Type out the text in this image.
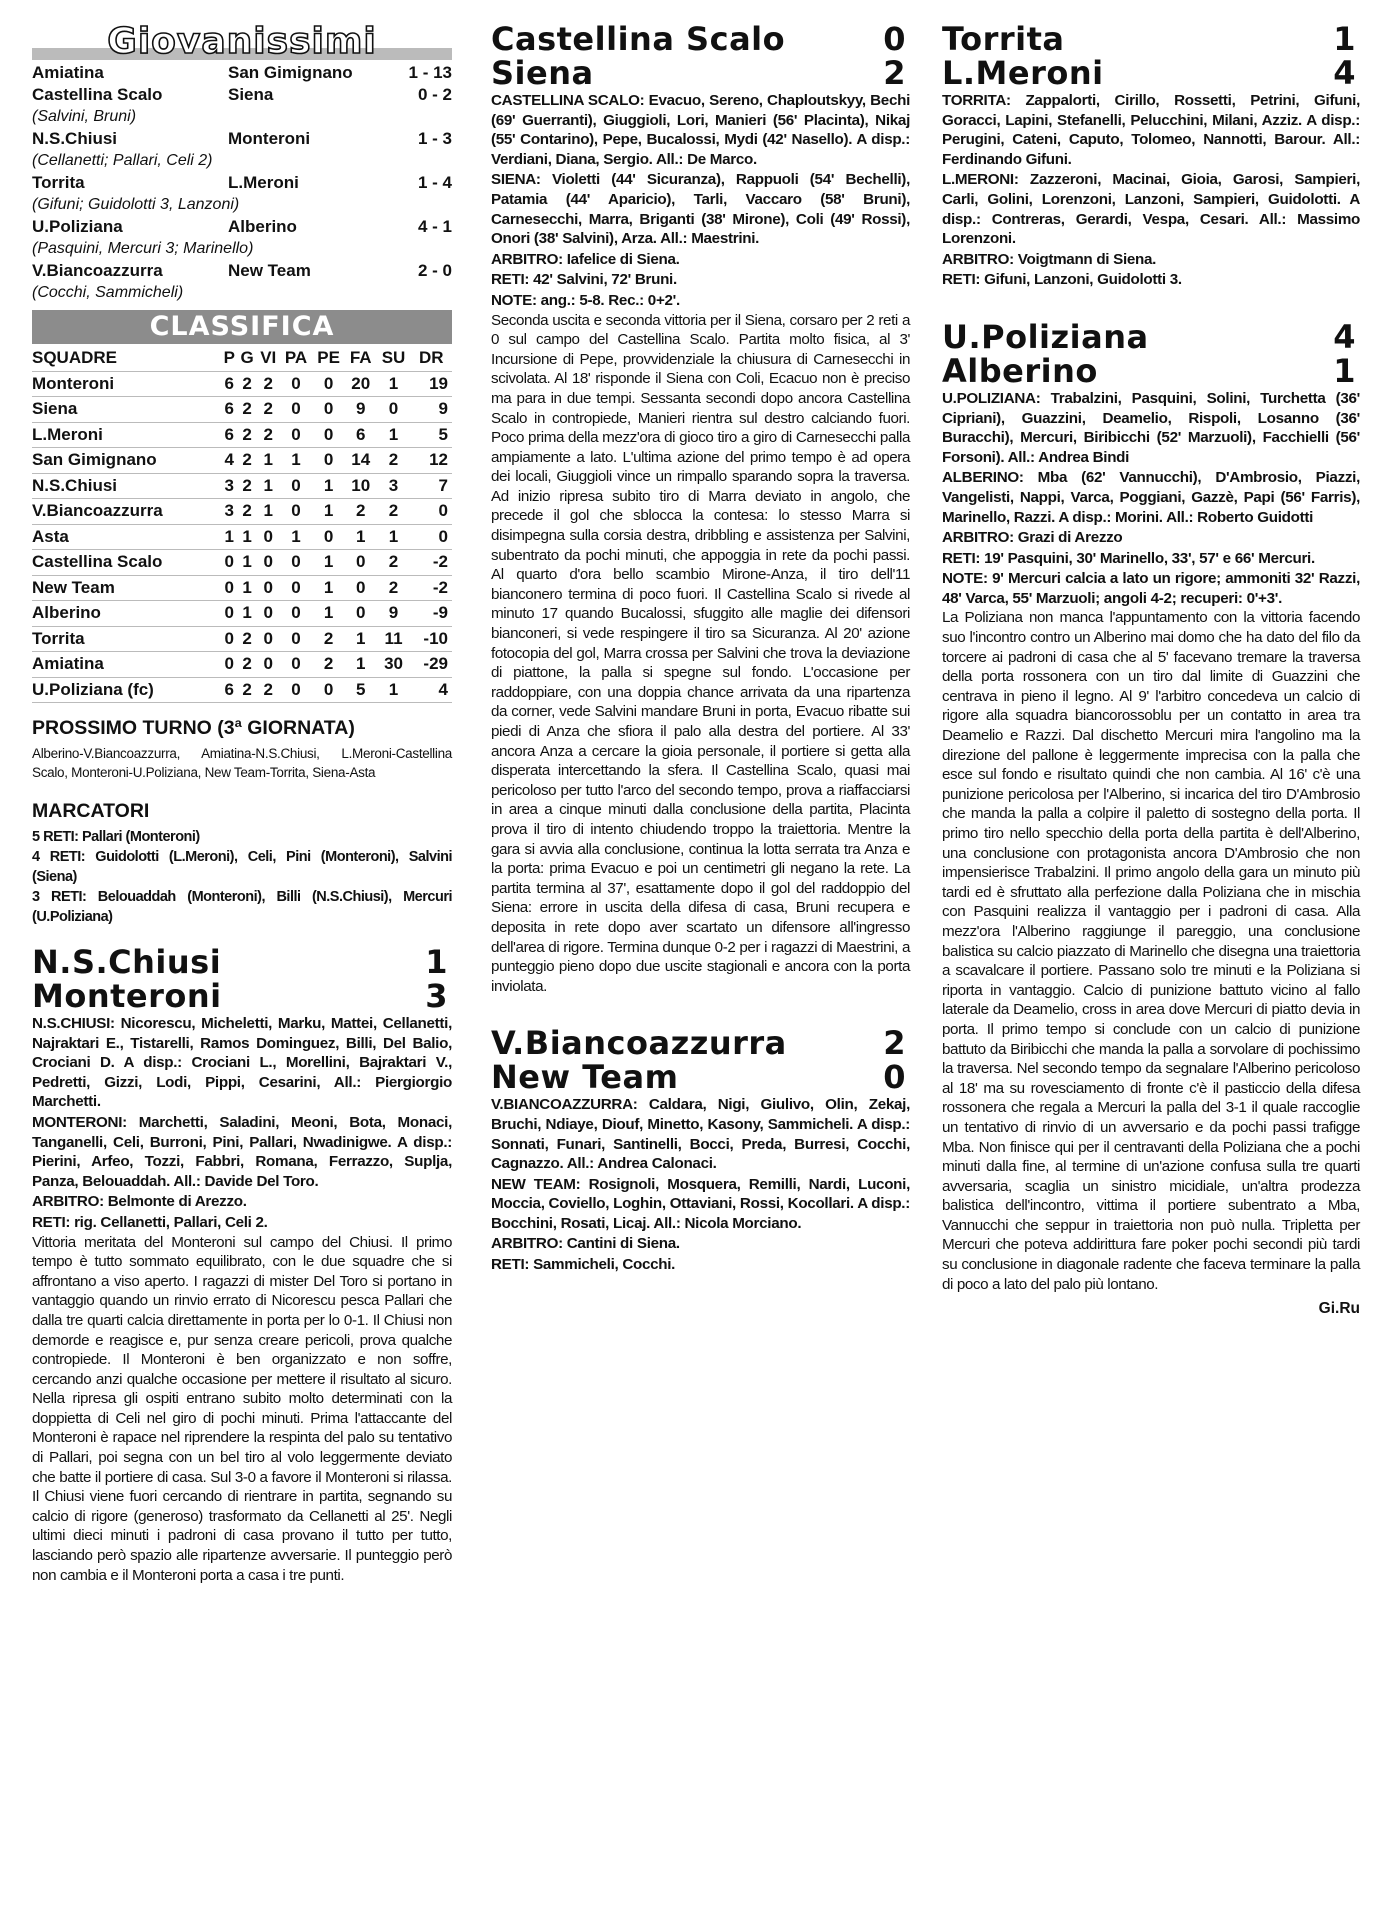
Giovanissimi
Amiatina	San Gimignano	1 - 13
Castellina Scalo	Siena	0 - 2
(Salvini, Bruni)
N.S.Chiusi	Monteroni	1 - 3
(Cellanetti; Pallari, Celi 2)
Torrita	L.Meroni	1 - 4
(Gifuni; Guidolotti 3, Lanzoni)
U.Poliziana	Alberino	4 - 1
(Pasquini, Mercuri 3; Marinello)
V.Biancoazzurra	New Team	2 - 0
(Cocchi, Sammicheli)
CLASSIFICA
SQUADRE	P	G	VI	PA	PE	FA	SU	DR
Monteroni	6	2	2	0	0	20	1	19
Siena	6	2	2	0	0	9	0	9
L.Meroni	6	2	2	0	0	6	1	5
San Gimignano	4	2	1	1	0	14	2	12
N.S.Chiusi	3	2	1	0	1	10	3	7
V.Biancoazzurra	3	2	1	0	1	2	2	0
Asta	1	1	0	1	0	1	1	0
Castellina Scalo	0	1	0	0	1	0	2	-2
New Team	0	1	0	0	1	0	2	-2
Alberino	0	1	0	0	1	0	9	-9
Torrita	0	2	0	0	2	1	11	-10
Amiatina	0	2	0	0	2	1	30	-29
U.Poliziana (fc)	6	2	2	0	0	5	1	4
PROSSIMO TURNO (3ª GIORNATA)
Alberino-V.Biancoazzurra, Amiatina-N.S.Chiusi, L.Meroni-Castellina Scalo, Monteroni-U.Poliziana, New Team-Torrita, Siena-Asta
MARCATORI
5 RETI: Pallari (Monteroni)
4 RETI: Guidolotti (L.Meroni), Celi, Pini (Monteroni), Salvini (Siena)
3 RETI: Belouaddah (Monteroni), Billi (N.S.Chiusi), Mercuri (U.Poliziana)
N.S.Chiusi	1
Monteroni	3

N.S.CHIUSI: Nicorescu, Micheletti, Marku, Mattei, Cellanetti, Najraktari E., Tistarelli, Ramos Dominguez, Billi, Del Balio, Crociani D. A disp.: Crociani L., Morellini, Bajraktari V., Pedretti, Gizzi, Lodi, Pippi, Cesarini, All.: Piergiorgio Marchetti.

MONTERONI: Marchetti, Saladini, Meoni, Bota, Monaci, Tanganelli, Celi, Burroni, Pini, Pallari, Nwadinigwe. A disp.: Pierini, Arfeo, Tozzi, Fabbri, Romana, Ferrazzo, Suplja, Panza, Belouaddah. All.: Davide Del Toro.

ARBITRO: Belmonte di Arezzo.

RETI: rig. Cellanetti, Pallari, Celi 2.

Vittoria meritata del Monteroni sul campo del Chiusi. Il primo tempo è tutto sommato equilibrato, con le due squadre che si affrontano a viso aperto. I ragazzi di mister Del Toro si portano in vantaggio quando un rinvio errato di Nicorescu pesca Pallari che dalla tre quarti calcia direttamente in porta per lo 0-1. Il Chiusi non demorde e reagisce e, pur senza creare pericoli, prova qualche contropiede. Il Monteroni è ben organizzato e non soffre, cercando anzi qualche occasione per mettere il risultato al sicuro. Nella ripresa gli ospiti entrano subito molto determinati con la doppietta di Celi nel giro di pochi minuti. Prima l'attaccante del Monteroni è rapace nel riprendere la respinta del palo su tentativo di Pallari, poi segna con un bel tiro al volo leggermente deviato che batte il portiere di casa. Sul 3-0 a favore il Monteroni si rilassa. Il Chiusi viene fuori cercando di rientrare in partita, segnando su calcio di rigore (generoso) trasformato da Cellanetti al 25'. Negli ultimi dieci minuti i padroni di casa provano il tutto per tutto, lasciando però spazio alle ripartenze avversarie. Il punteggio però non cambia e il Monteroni porta a casa i tre punti.

Castellina Scalo	0
Siena	2

CASTELLINA SCALO: Evacuo, Sereno, Chaploutskyy, Bechi (69' Guerranti), Giuggioli, Lori, Manieri (56' Placinta), Nikaj (55' Contarino), Pepe, Bucalossi, Mydi (42' Nasello). A disp.: Verdiani, Diana, Sergio. All.: De Marco.

SIENA: Violetti (44' Sicuranza), Rappuoli (54' Bechelli), Patamia (44' Aparicio), Tarli, Vaccaro (58' Bruni), Carnesecchi, Marra, Briganti (38' Mirone), Coli (49' Rossi), Onori (38' Salvini), Arza. All.: Maestrini.

ARBITRO: Iafelice di Siena.

RETI: 42' Salvini, 72' Bruni.

NOTE: ang.: 5-8. Rec.: 0+2'.

Seconda uscita e seconda vittoria per il Siena, corsaro per 2 reti a 0 sul campo del Castellina Scalo. Partita molto fisica, al 3' Incursione di Pepe, provvidenziale la chiusura di Carnesecchi in scivolata. Al 18' risponde il Siena con Coli, Ecacuo non è preciso ma para in due tempi. Sessanta secondi dopo ancora Castellina Scalo in contropiede, Manieri rientra sul destro calciando fuori. Poco prima della mezz'ora di gioco tiro a giro di Carnesecchi palla ampiamente a lato. L'ultima azione del primo tempo è ad opera dei locali, Giuggioli vince un rimpallo sparando sopra la traversa. Ad inizio ripresa subito tiro di Marra deviato in angolo, che precede il gol che sblocca la contesa: lo stesso Marra si disimpegna sulla corsia destra, dribbling e assistenza per Salvini, subentrato da pochi minuti, che appoggia in rete da pochi passi. Al quarto d'ora bello scambio Mirone-Anza, il tiro dell'11 bianconero termina di poco fuori. Il Castellina Scalo si rivede al minuto 17 quando Bucalossi, sfuggito alle maglie dei difensori bianconeri, si vede respingere il tiro sa Sicuranza. Al 20' azione fotocopia del gol, Marra crossa per Salvini che trova la deviazione di piattone, la palla si spegne sul fondo. L'occasione per raddoppiare, con una doppia chance arrivata da una ripartenza da corner, vede Salvini mandare Bruni in porta, Evacuo ribatte sui piedi di Anza che sfiora il palo alla destra del portiere. Al 33' ancora Anza a cercare la gioia personale, il portiere si getta alla disperata intercettando la sfera. Il Castellina Scalo, quasi mai pericoloso per tutto l'arco del secondo tempo, prova a riaffacciarsi in area a cinque minuti dalla conclusione della partita, Placinta prova il tiro di intento chiudendo troppo la traiettoria. Mentre la gara si avvia alla conclusione, continua la lotta serrata tra Anza e la porta: prima Evacuo e poi un centimetri gli negano la rete. La partita termina al 37', esattamente dopo il gol del raddoppio del Siena: errore in uscita della difesa di casa, Bruni recupera e deposita in rete dopo aver scartato un difensore all'ingresso dell'area di rigore. Termina dunque 0-2 per i ragazzi di Maestrini, a punteggio pieno dopo due uscite stagionali e ancora con la porta inviolata.

V.Biancoazzurra	2
New Team	0

V.BIANCOAZZURRA: Caldara, Nigi, Giulivo, Olin, Zekaj, Bruchi, Ndiaye, Diouf, Minetto, Kasony, Sammicheli. A disp.: Sonnati, Funari, Santinelli, Bocci, Preda, Burresi, Cocchi, Cagnazzo. All.: Andrea Calonaci.

NEW TEAM: Rosignoli, Mosquera, Remilli, Nardi, Luconi, Moccia, Coviello, Loghin, Ottaviani, Rossi, Kocollari. A disp.: Bocchini, Rosati, Licaj. All.: Nicola Morciano.

ARBITRO: Cantini di Siena.

RETI: Sammicheli, Cocchi.

Torrita	1
L.Meroni	4

TORRITA: Zappalorti, Cirillo, Rossetti, Petrini, Gifuni, Goracci, Lapini, Stefanelli, Pelucchini, Milani, Azziz. A disp.: Perugini, Cateni, Caputo, Tolomeo, Nannotti, Barour. All.: Ferdinando Gifuni.

L.MERONI: Zazzeroni, Macinai, Gioia, Garosi, Sampieri, Carli, Golini, Lorenzoni, Lanzoni, Sampieri, Guidolotti. A disp.: Contreras, Gerardi, Vespa, Cesari. All.: Massimo Lorenzoni.

ARBITRO: Voigtmann di Siena.

RETI: Gifuni, Lanzoni, Guidolotti 3.

U.Poliziana	4
Alberino	1

U.POLIZIANA: Trabalzini, Pasquini, Solini, Turchetta (36' Cipriani), Guazzini, Deamelio, Rispoli, Losanno (36' Buracchi), Mercuri, Biribicchi (52' Marzuoli), Facchielli (56' Forsoni). All.: Andrea Bindi

ALBERINO: Mba (62' Vannucchi), D'Ambrosio, Piazzi, Vangelisti, Nappi, Varca, Poggiani, Gazzè, Papi (56' Farris), Marinello, Razzi. A disp.: Morini. All.: Roberto Guidotti

ARBITRO: Grazi di Arezzo

RETI: 19' Pasquini, 30' Marinello, 33', 57' e 66' Mercuri.

NOTE: 9' Mercuri calcia a lato un rigore; ammoniti 32' Razzi, 48' Varca, 55' Marzuoli; angoli 4-2; recuperi: 0'+3'.

La Poliziana non manca l'appuntamento con la vittoria facendo suo l'incontro contro un Alberino mai domo che ha dato del filo da torcere ai padroni di casa che al 5' facevano tremare la traversa della porta rossonera con un tiro dal limite di Guazzini che centrava in pieno il legno. Al 9' l'arbitro concedeva un calcio di rigore alla squadra biancorossoblu per un contatto in area tra Deamelio e Razzi. Dal dischetto Mercuri mira l'angolino ma la direzione del pallone è leggermente imprecisa con la palla che esce sul fondo e risultato quindi che non cambia. Al 16' c'è una punizione pericolosa per l'Alberino, si incarica del tiro D'Ambrosio che manda la palla a colpire il paletto di sostegno della porta. Il primo tiro nello specchio della porta della partita è dell'Alberino, una conclusione con protagonista ancora D'Ambrosio che non impensierisce Trabalzini. Il primo angolo della gara un minuto più tardi ed è sfruttato alla perfezione dalla Poliziana che in mischia con Pasquini realizza il vantaggio per i padroni di casa. Alla mezz'ora l'Alberino raggiunge il pareggio, una conclusione balistica su calcio piazzato di Marinello che disegna una traiettoria a scavalcare il portiere. Passano solo tre minuti e la Poliziana si riporta in vantaggio. Calcio di punizione battuto vicino al fallo laterale da Deamelio, cross in area dove Mercuri di piatto devia in porta. Il primo tempo si conclude con un calcio di punizione battuto da Biribicchi che manda la palla a sorvolare di pochissimo la traversa. Nel secondo tempo da segnalare l'Alberino pericoloso al 18' ma su rovesciamento di fronte c'è il pasticcio della difesa rossonera che regala a Mercuri la palla del 3-1 il quale raccoglie un tentativo di rinvio di un avversario e da pochi passi trafigge Mba. Non finisce qui per il centravanti della Poliziana che a pochi minuti dalla fine, al termine di un'azione confusa sulla tre quarti avversaria, scaglia un sinistro micidiale, un'altra prodezza balistica dell'incontro, vittima il portiere subentrato a Mba, Vannucchi che seppur in traiettoria non può nulla. Tripletta per Mercuri che poteva addirittura fare poker pochi secondi più tardi su conclusione in diagonale radente che faceva terminare la palla di poco a lato del palo più lontano.

Gi.Ru
